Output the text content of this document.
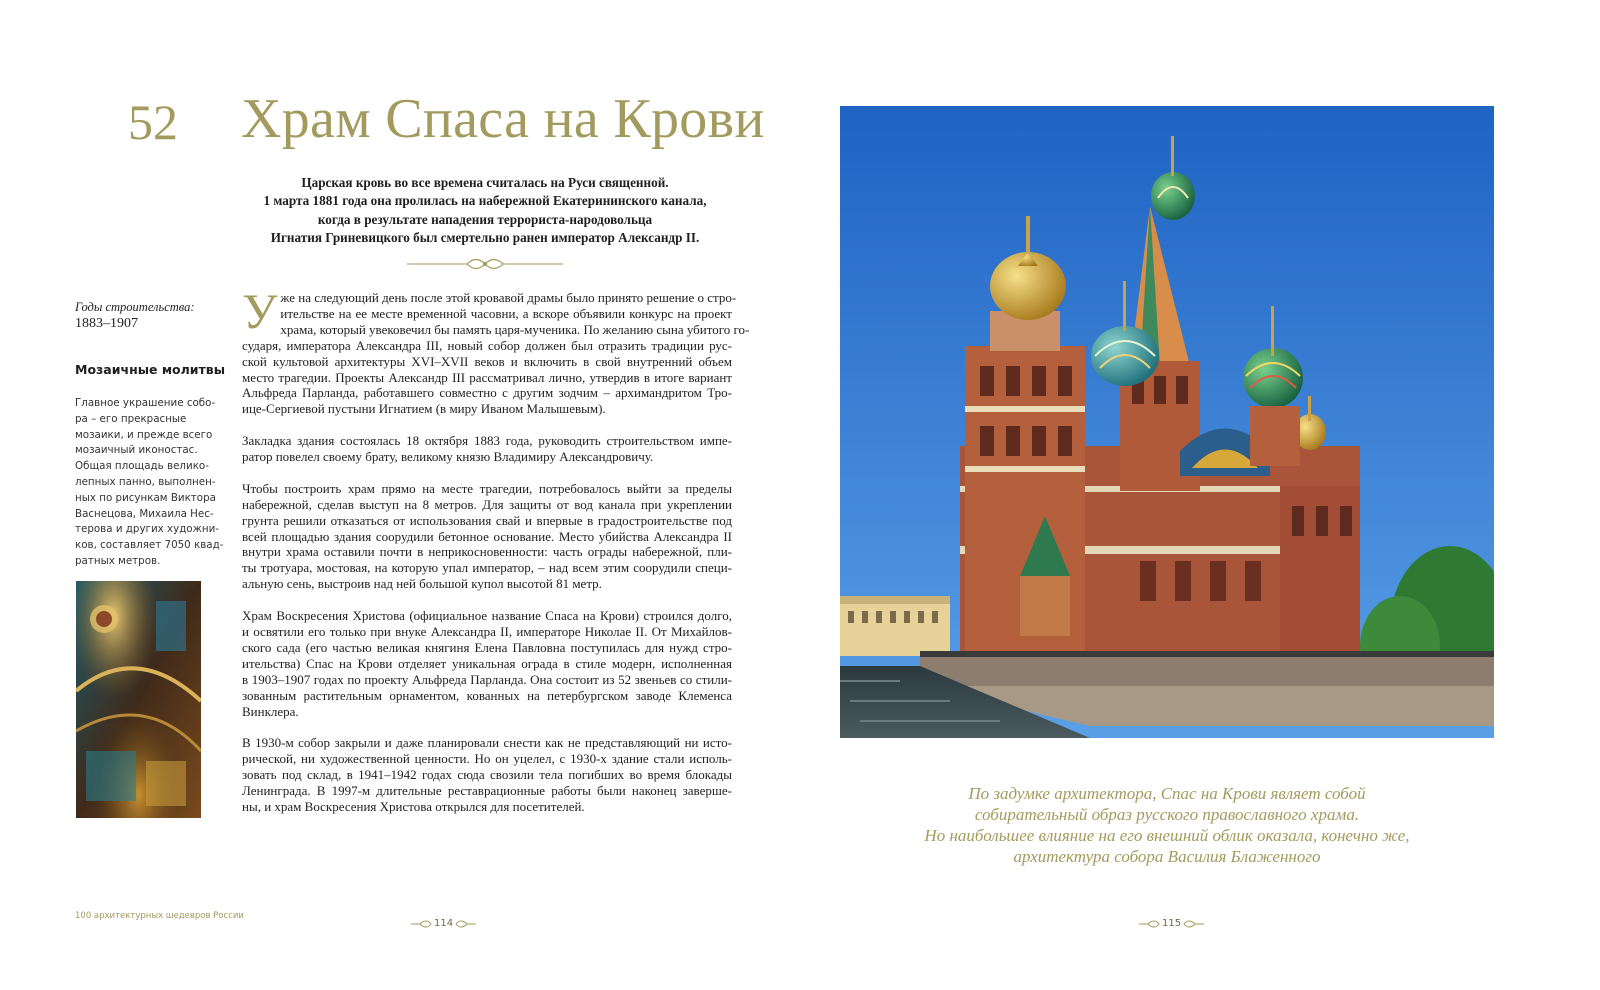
52 Храм Спаса на Крови
Царская кровь во все времена считалась на Руси священной.
1 марта 1881 года она пролилась на набережной Екатерининского канала,
когда в результате нападения террориста-народовольца
Игнатия Гриневицкого был смертельно ранен император Александр II.
Годы строительства:
1883–1907
Мозаичные молитвы
Главное украшение собо-
ра – его прекрасные
мозаики, и прежде всего
мозаичный иконостас.
Общая площадь велико-
лепных панно, выполнен-
ных по рисункам Виктора
Васнецова, Михаила Нес-
терова и других художни-
ков, составляет 7050 квад-
ратных метров.
У же на следующий день после этой кровавой драмы было принято решение о стро-
ительстве на ее месте временной часовни, а вскоре объявили конкурс на проект
храма, который увековечил бы память царя-мученика. По желанию сына убитого го-
сударя, императора Александра III, новый собор должен был отразить традиции рус-
ской культовой архитектуры XVI–XVII веков и включить в свой внутренний объем
место трагедии. Проекты Александр III рассматривал лично, утвердив в итоге вариант
Альфреда Парланда, работавшего совместно с другим зодчим – архимандритом Тро-
ице-Сергиевой пустыни Игнатием (в миру Иваном Малышевым).
Закладка здания состоялась 18 октября 1883 года, руководить строительством импе-
ратор повелел своему брату, великому князю Владимиру Александровичу.
Чтобы построить храм прямо на месте трагедии, потребовалось выйти за пределы
набережной, сделав выступ на 8 метров. Для защиты от вод канала при укреплении
грунта решили отказаться от использования свай и впервые в градостроительстве под
всей площадью здания соорудили бетонное основание. Место убийства Александра II
внутри храма оставили почти в неприкосновенности: часть ограды набережной, пли-
ты тротуара, мостовая, на которую упал император, – над всем этим соорудили специ-
альную сень, выстроив над ней большой купол высотой 81 метр.
Храм Воскресения Христова (официальное название Спаса на Крови) строился долго,
и освятили его только при внуке Александра II, императоре Николае II. От Михайлов-
ского сада (его частью великая княгиня Елена Павловна поступилась для нужд стро-
ительства) Спас на Крови отделяет уникальная ограда в стиле модерн, исполненная
в 1903–1907 годах по проекту Альфреда Парланда. Она состоит из 52 звеньев со стили-
зованным растительным орнаментом, кованных на петербургском заводе Клеменса
Винклера.
В 1930-м собор закрыли и даже планировали снести как не представляющий ни исто-
рической, ни художественной ценности. Но он уцелел, с 1930-х здание стали исполь-
зовать под склад, в 1941–1942 годах сюда свозили тела погибших во время блокады
Ленинграда. В 1997-м длительные реставрационные работы были наконец заверше-
ны, и храм Воскресения Христова открылся для посетителей.
По задумке архитектора, Спас на Крови являет собой
собирательный образ русского православного храма.
Но наибольшее влияние на его внешний облик оказала, конечно же,
архитектура собора Василия Блаженного
100 архитектурных шедевров России
114	115
